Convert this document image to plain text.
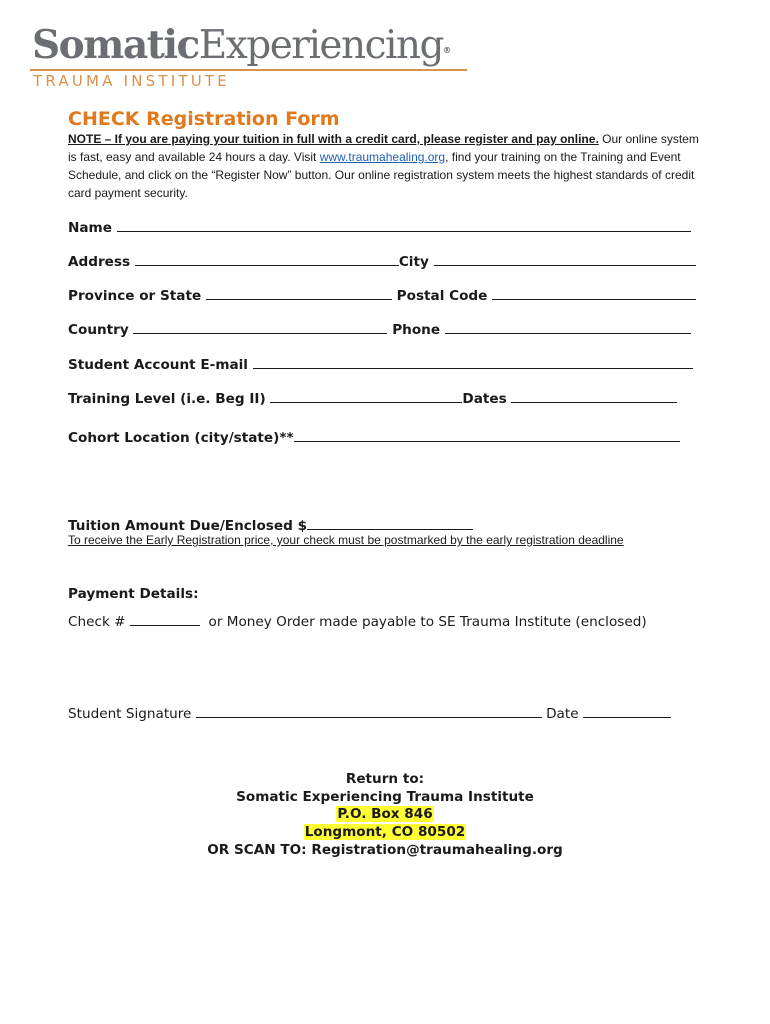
SomaticExperiencing®
TRAUMA INSTITUTE
CHECK Registration Form
NOTE – If you are paying your tuition in full with a credit card, please register and pay online. Our online system is fast, easy and available 24 hours a day. Visit www.traumahealing.org, find your training on the Training and Event Schedule, and click on the “Register Now” button. Our online registration system meets the highest standards of credit card payment security.
Name
Address	City
Province or State	Postal Code
Country	Phone
Student Account E-mail
Training Level (i.e. Beg II)	Dates
Cohort Location (city/state)**
Tuition Amount Due/Enclosed $
To receive the Early Registration price, your check must be postmarked by the early registration deadline
Payment Details:
Check #	or Money Order made payable to SE Trauma Institute (enclosed)
Student Signature	Date
Return to:
Somatic Experiencing Trauma Institute
P.O. Box 846
Longmont, CO 80502
OR SCAN TO: Registration@traumahealing.org
